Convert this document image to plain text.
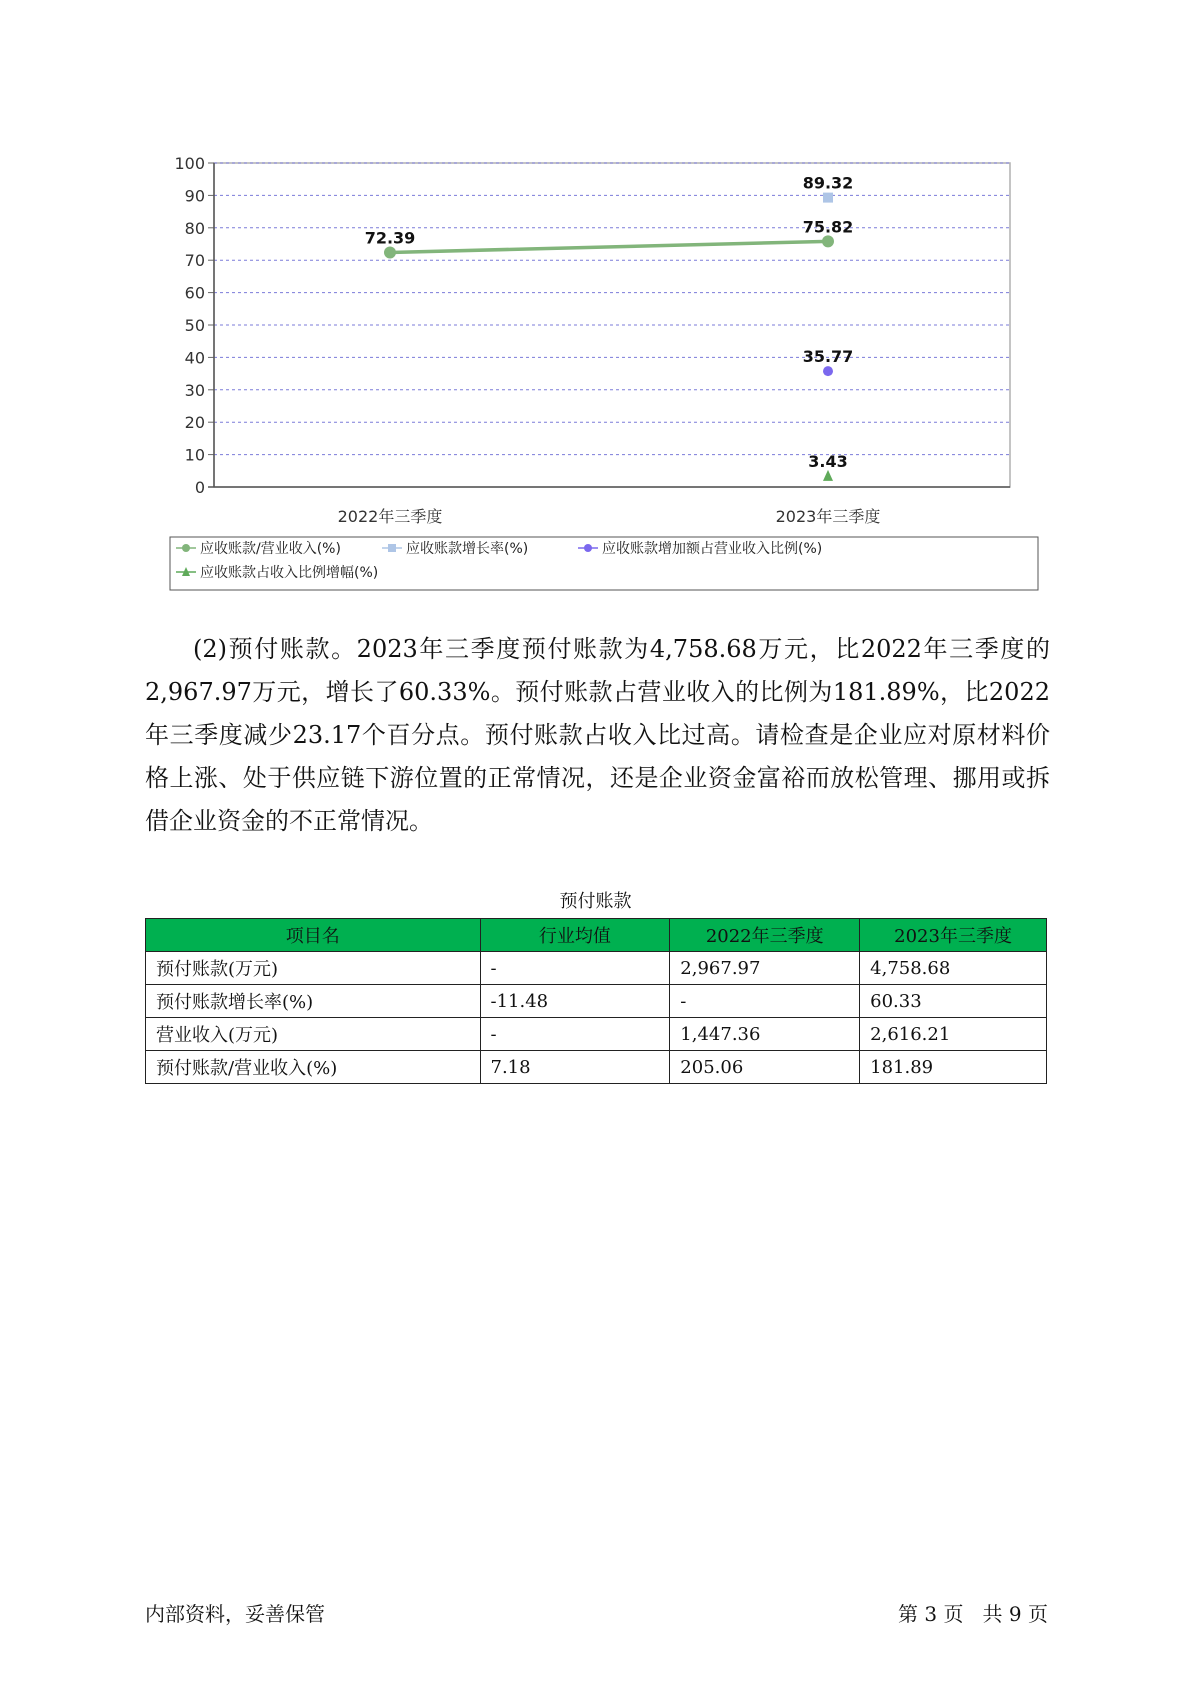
0
10
20
30
40
50
60
70
80
90
100
2022年三季度	2023年三季度
72.39
75.82
89.32
35.77
3.43
应收账款/营业收入(%)	应收账款增长率(%)	应收账款增加额占营业收入比例(%)
应收账款占收入比例增幅(%)

(2)预付账款。2023年三季度预付账款为4,758.68万元，比2022年三季度的2,967.97万元，增长了60.33%。预付账款占营业收入的比例为181.89%，比2022年三季度减少23.17个百分点。预付账款占收入比过高。请检查是企业应对原材料价格上涨、处于供应链下游位置的正常情况，还是企业资金富裕而放松管理、挪用或拆借企业资金的不正常情况。

预付账款
项目名	行业均值	2022年三季度	2023年三季度
预付账款(万元)	-	2,967.97	4,758.68
预付账款增长率(%)	-11.48	-	60.33
营业收入(万元)	-	1,447.36	2,616.21
预付账款/营业收入(%)	7.18	205.06	181.89
内部资料，妥善保管	第 3 页   共 9 页
